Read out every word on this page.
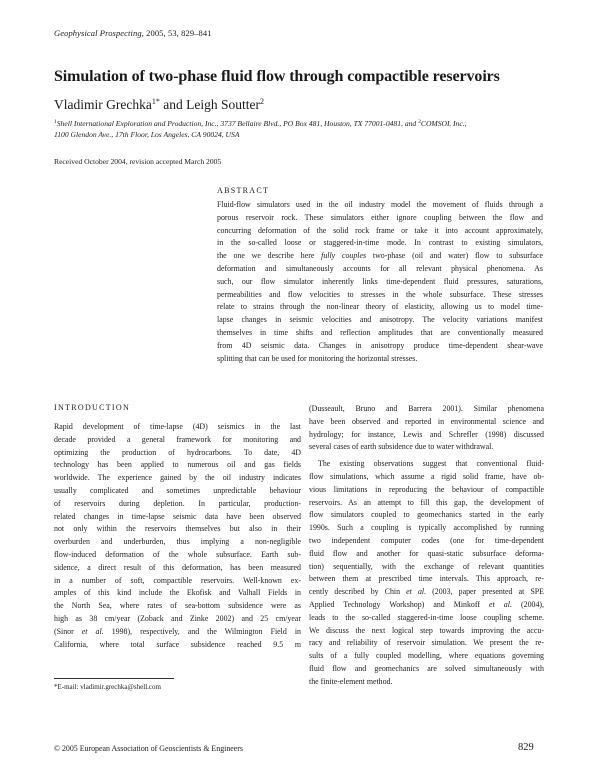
Geophysical Prospecting, 2005, 53, 829–841
Simulation of two-phase fluid flow through compactible reservoirs
Vladimir Grechka$^{1*}$ and Leigh Soutter$^2$
$^1$Shell International Exploration and Production, Inc., 3737 Bellaire Blvd., PO Box 481, Houston, TX 77001-0481, and $^2$COMSOL Inc.,
1100 Glendon Ave., 17th Floor, Los Angeles, CA 90024, USA
Received October 2004, revision accepted March 2005
ABSTRACT
Fluid-flow simulators used in the oil industry model the movement of fluids through a
porous reservoir rock. These simulators either ignore coupling between the flow and
concurring deformation of the solid rock frame or take it into account approximately,
in the so-called loose or staggered-in-time mode. In contrast to existing simulators,
the one we describe here fully couples two-phase (oil and water) flow to subsurface
deformation and simultaneously accounts for all relevant physical phenomena. As
such, our flow simulator inherently links time-dependent fluid pressures, saturations,
permeabilities and flow velocities to stresses in the whole subsurface. These stresses
relate to strains through the non-linear theory of elasticity, allowing us to model time-
lapse changes in seismic velocities and anisotropy. The velocity variations manifest
themselves in time shifts and reflection amplitudes that are conventionally measured
from 4D seismic data. Changes in anisotropy produce time-dependent shear-wave
splitting that can be used for monitoring the horizontal stresses.
INTRODUCTION
Rapid development of time-lapse (4D) seismics in the last
decade provided a general framework for monitoring and
optimizing the production of hydrocarbons. To date, 4D
technology has been applied to numerous oil and gas fields
worldwide. The experience gained by the oil industry indicates
usually complicated and sometimes unpredictable behaviour
of reservoirs during depletion. In particular, production-
related changes in time-lapse seismic data have been observed
not only within the reservoirs themselves but also in their
overburden and underburden, thus implying a non-negligible
flow-induced deformation of the whole subsurface. Earth sub-
sidence, a direct result of this deformation, has been measured
in a number of soft, compactible reservoirs. Well-known ex-
amples of this kind include the Ekofisk and Valhall Fields in
the North Sea, where rates of sea-bottom subsidence were as
high as 38 cm/year (Zoback and Zinke 2002) and 25 cm/year
(Sinor et al. 1998), respectively, and the Wilmington Field in
California, where total surface subsidence reached 9.5 m
(Dusseault, Bruno and Barrera 2001). Similar phenomena
have been observed and reported in environmental science and
hydrology; for instance, Lewis and Schrefler (1998) discussed
several cases of earth subsidence due to water withdrawal.
The existing observations suggest that conventional fluid-
flow simulations, which assume a rigid solid frame, have ob-
vious limitations in reproducing the behaviour of compactible
reservoirs. As an attempt to fill this gap, the development of
flow simulators coupled to geomechanics started in the early
1990s. Such a coupling is typically accomplished by running
two independent computer codes (one for time-dependent
fluid flow and another for quasi-static subsurface deforma-
tion) sequentially, with the exchange of relevant quantities
between them at prescribed time intervals. This approach, re-
cently described by Chin et al. (2003, paper presented at SPE
Applied Technology Workshop) and Minkoff et al. (2004),
leads to the so-called staggered-in-time loose coupling scheme.
We discuss the next logical step towards improving the accu-
racy and reliability of reservoir simulation. We present the re-
sults of a fully coupled modelling, where equations governing
fluid flow and geomechanics are solved simultaneously with
the finite-element method.
*E-mail: vladimir.grechka@shell.com
© 2005 European Association of Geoscientists & Engineers	829
